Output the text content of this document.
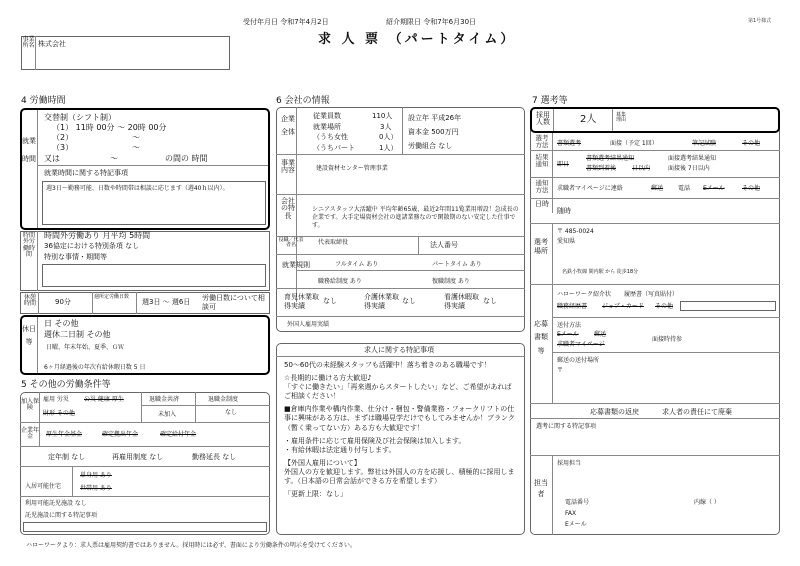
受付年月日 令和7年4月2日	紹介期限日 令和7年6月30日	第1号様式
求 人 票 （パートタイム）
事業所名 株式会社
4 労働時間
就業時間
交替制（シフト制）
（1） 11時 00分 〜 20時 00分
（2）	〜
（3）	〜
又は	〜	の間の 時間
就業時間に関する特記事項
週3日〜勤務可能、日数や時間帯は相談に応じます（週40ｈ以内）。
時間外労働時間
時間外労働あり 月平均 5時間
36協定における特別条項 なし
特別な事情・期間等
休憩時間	90分
週所定労働日数
週3日 〜 週6日 労働日数について相談可
休日等
日 その他
週休二日制 その他
日曜、年末年始、夏季、ＧＷ
6ヶ月経過後の年次有給休暇日数 5 日
5 その他の労働条件等
加入保険
雇用 労災	公災 健康 厚生
財形 その他
退職金共済
未加入
退職金制度
なし
企業年金	厚生年金基金	確定拠出年金	確定給付年金
定年制 なし	再雇用制度 なし	勤務延長 なし
入居可能住宅
単身用 あり
世帯用 あり
利用可能託児施設 なし
託児施設に関する特記事項
6 会社の情報
企業全体
従業員数	110人
就業場所	3人
（うち女性	0人）
（うちパート	1人）
設立年 平成26年
資本金 500万円
労働組合 なし
事業内容	建設資材センター管理事業
会社の特長
シニアスタッフ大活躍中 平均年齢65歳、最近2年間11覧業用増設！急成長の企業です。大手定場資材会社の進諸業務なので閑散期のない安定した仕事です。
役職／代表者名	代表取締役	法人番号
就業規則	フルタイム あり	パートタイム あり
職務給制度 あり	復職制度 あり
育児休業取得実績
なし	介護休業取得実績
なし	看護休暇取得実績
なし
外国人雇用実績
求人に関する特記事項
50〜60代の未経験スタッフも活躍中！落ち着きのある職場です！
☆長期的に働ける方大歓迎♪
「すぐに働きたい」「再来週からスタートしたい」など、ご希望があれば ご相談ください！
■倉庫内作業や構内作業、仕分け・梱包・警備業務・フォークリフトの仕事に興味がある方は、まずは職場見学だけでもしてみませんか！ブランク（暫く乗ってない方）ある方も大歓迎です！
・雇用条件に応じて雇用保険及び社会保険は加入します。
・有給休暇は法定通り付与します。
【外国人雇用について】
外国人の方を歓迎します。弊社は外国人の方を応援し、積極的に採用します。（日本語の日常会話ができる方を希望します）
「更新上限：なし」
7 選考等
採用人数	2人	募集理由
選考方法 書類選考	面接（予定 1回）	筆記試験	その他
結果通知 即日
書類選考結果通知	面接選考結果通知
書類到着後	日以内	面接後 7日以内
通知方法 求職者マイページに連絡	郵送 電話 Eメール	その他
日時
随時
選考場所
〒 485-0024
愛知県
名鉄小牧線 間内駅 から 徒歩18分
応募書類等
ハローワーク紹介状 履歴書（写真貼付）
職務経歴書 ジョブ・カード その他
送付方法
Eメール	郵送
求職者マイページ
面接時持参
郵送の送付場所
〒
応募書類の返戻	求人者の責任にて廃棄
選考に関する特記事項
担当者
採用担当
電話番号	内線（ ）
FAX
Eメール
ハローワークより：求人票は雇用契約書ではありません。採用時には必ず、書面により労働条件の明示を受けてください。
